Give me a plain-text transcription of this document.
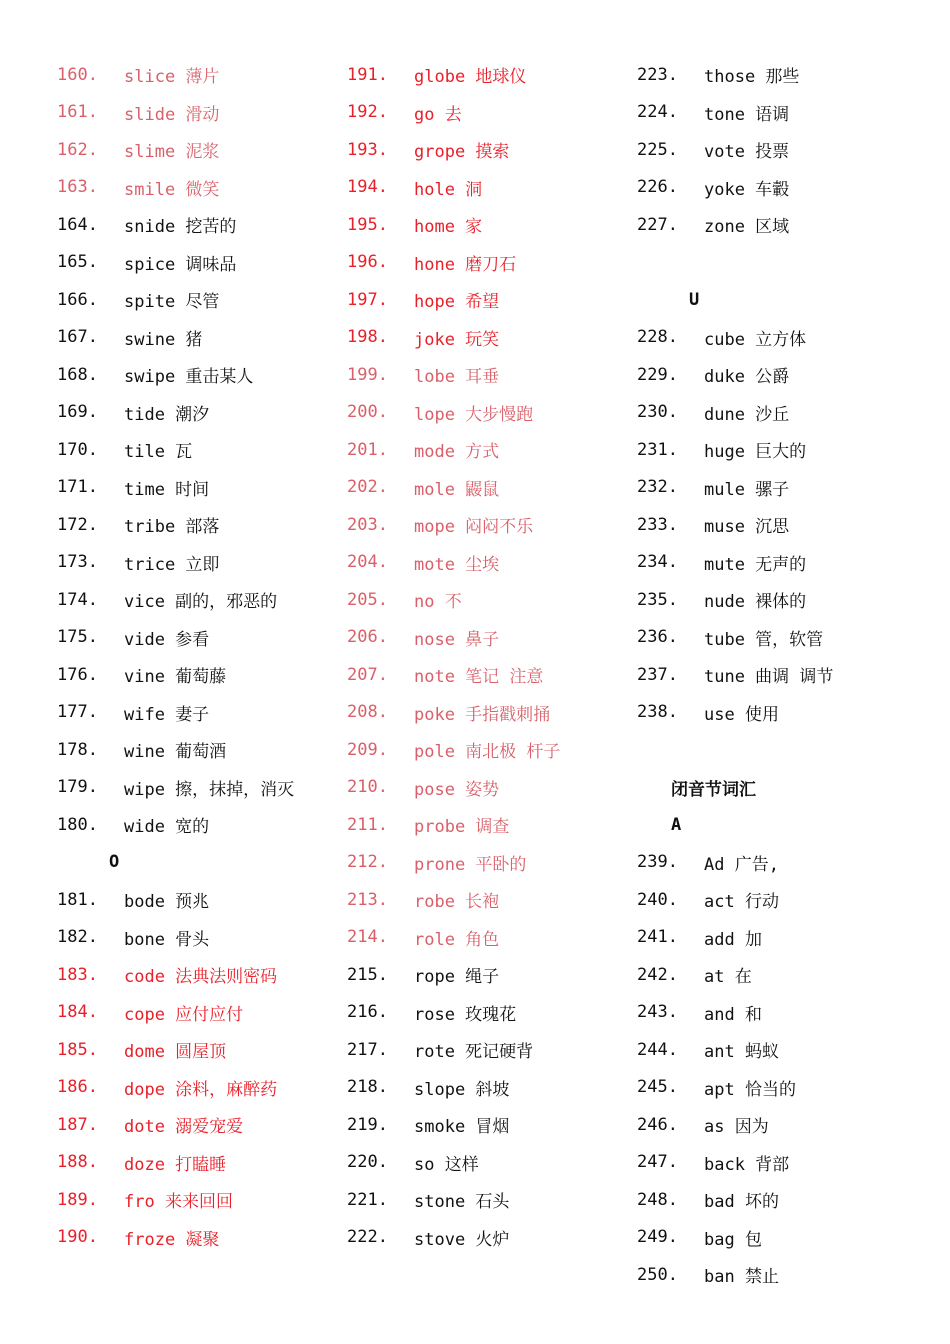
160.	slice 薄片
161.	slide 滑动
162.	slime 泥浆
163.	smile 微笑
164.	snide 挖苦的
165.	spice 调味品
166.	spite 尽管
167.	swine 猪
168.	swipe 重击某人
169.	tide 潮汐
170.	tile 瓦
171.	time 时间
172.	tribe 部落
173.	trice 立即
174.	vice 副的，邪恶的
175.	vide 参看
176.	vine 葡萄藤
177.	wife 妻子
178.	wine 葡萄酒
179.	wipe 擦，抹掉，消灭
180.	wide 宽的
O
181.	bode 预兆
182.	bone 骨头
183.	code 法典法则密码
184.	cope 应付应付
185.	dome 圆屋顶
186.	dope 涂料，麻醉药
187.	dote 溺爱宠爱
188.	doze 打瞌睡
189.	fro 来来回回
190.	froze 凝聚
191.	globe 地球仪
192.	go 去
193.	grope 摸索
194.	hole 洞
195.	home 家
196.	hone 磨刀石
197.	hope 希望
198.	joke 玩笑
199.	lobe 耳垂
200.	lope 大步慢跑
201.	mode 方式
202.	mole 鼹鼠
203.	mope 闷闷不乐
204.	mote 尘埃
205.	no 不
206.	nose 鼻子
207.	note 笔记 注意
208.	poke 手指戳刺捅
209.	pole 南北极 杆子
210.	pose 姿势
211.	probe 调查
212.	prone 平卧的
213.	robe 长袍
214.	role 角色
215.	rope 绳子
216.	rose 玫瑰花
217.	rote 死记硬背
218.	slope 斜坡
219.	smoke 冒烟
220.	so 这样
221.	stone 石头
222.	stove 火炉
223.	those 那些
224.	tone 语调
225.	vote 投票
226.	yoke 车轂
227.	zone 区域
U
228.	cube 立方体
229.	duke 公爵
230.	dune 沙丘
231.	huge 巨大的
232.	mule 骡子
233.	muse 沉思
234.	mute 无声的
235.	nude 裸体的
236.	tube 管，软管
237.	tune 曲调 调节
238.	use 使用
闭音节词汇
A
239.	Ad 广告,
240.	act 行动
241.	add 加
242.	at 在
243.	and 和
244.	ant 蚂蚁
245.	apt 恰当的
246.	as 因为
247.	back 背部
248.	bad 坏的
249.	bag 包
250.	ban 禁止
